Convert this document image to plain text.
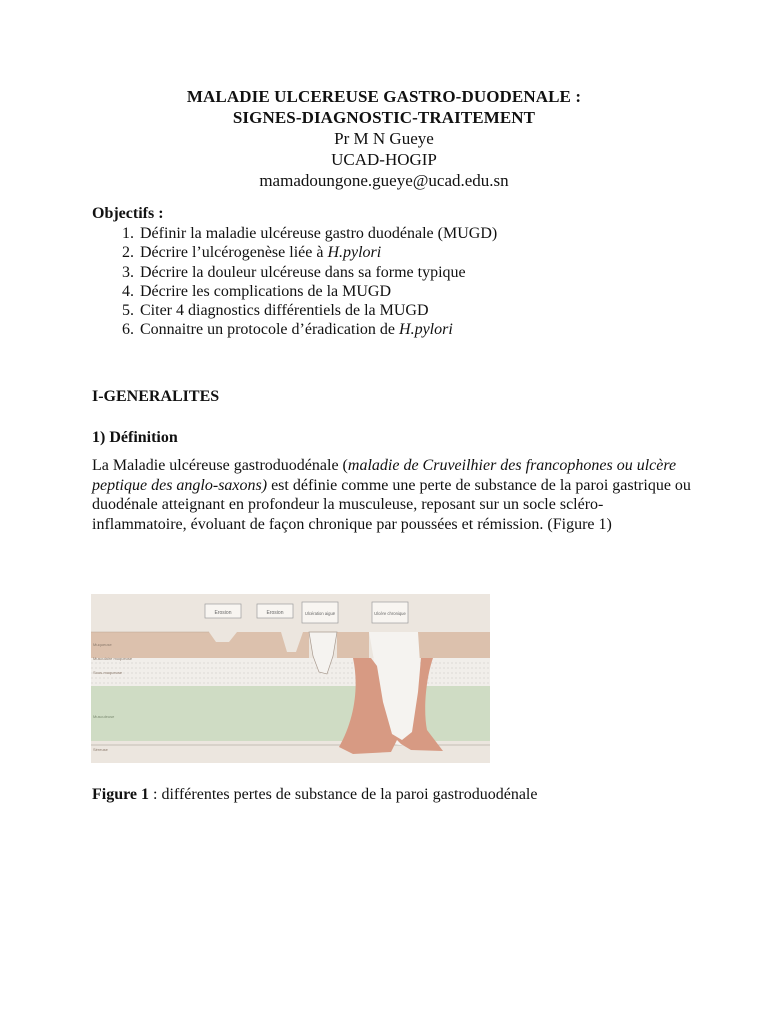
MALADIE ULCEREUSE GASTRO-DUODENALE :
SIGNES-DIAGNOSTIC-TRAITEMENT
Pr M N Gueye
UCAD-HOGIP
mamadoungone.gueye@ucad.edu.sn
Objectifs :
1. Définir la maladie ulcéreuse gastro duodénale (MUGD)
2. Décrire l’ulcérogenèse liée à H.pylori
3. Décrire la douleur ulcéreuse dans sa forme typique
4. Décrire les complications de la MUGD
5. Citer 4 diagnostics différentiels de la MUGD
6. Connaitre un protocole d’éradication de H.pylori
I-GENERALITES
1) Définition
La Maladie ulcéreuse gastroduodénale (maladie de Cruveilhier des francophones ou ulcère peptique des anglo-saxons) est définie comme une perte de substance de la paroi gastrique ou duodénale atteignant en profondeur la musculeuse, reposant sur un socle scléro-inflammatoire, évoluant de façon chronique par poussées et rémission. (Figure 1)
Erosion	Erosion	Ulcération aiguë	Ulcère chronique
Muqueuse
Musculaire muqueuse
Sous-muqueuse
Musculeuse
Séreuse
Figure 1 : différentes pertes de substance de la paroi gastroduodénale
